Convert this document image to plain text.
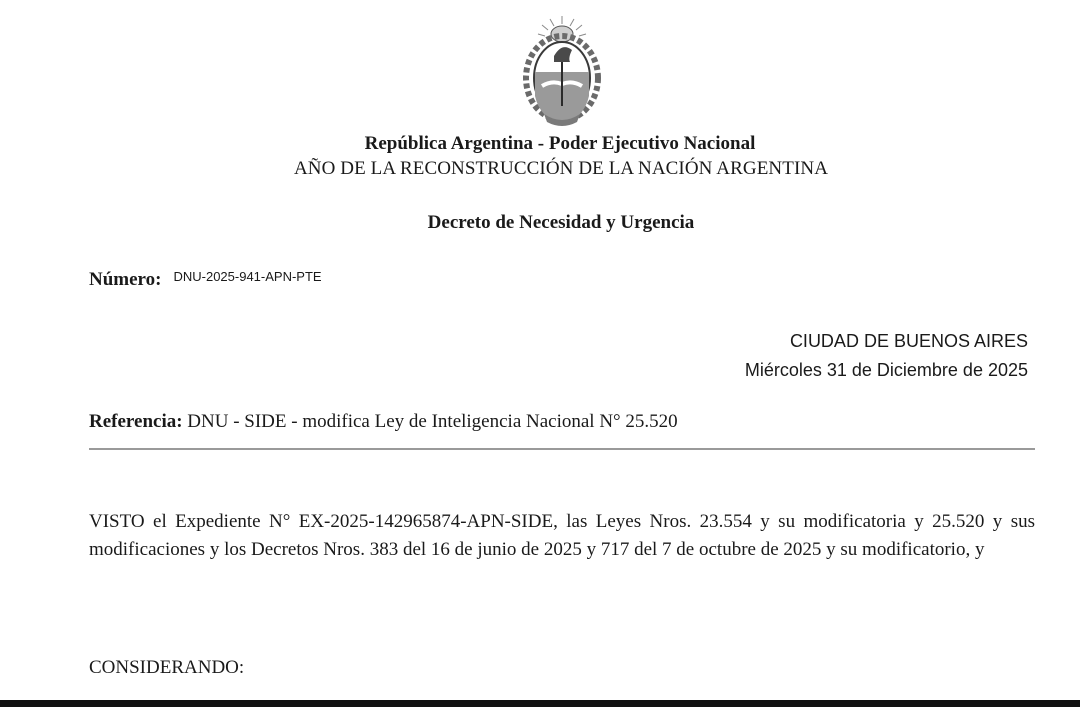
República Argentina - Poder Ejecutivo Nacional
AÑO DE LA RECONSTRUCCIÓN DE LA NACIÓN ARGENTINA
Decreto de Necesidad y Urgencia
Número: $^{DNU-2025-941-APN-PTE}$
CIUDAD DE BUENOS AIRES
Miércoles 31 de Diciembre de 2025
Referencia: DNU - SIDE - modifica Ley de Inteligencia Nacional N° 25.520
VISTO el Expediente N° EX-2025-142965874-APN-SIDE, las Leyes Nros. 23.554 y su modificatoria y 25.520 y sus modificaciones y los Decretos Nros. 383 del 16 de junio de 2025 y 717 del 7 de octubre de 2025 y su modificatorio, y
CONSIDERANDO:
